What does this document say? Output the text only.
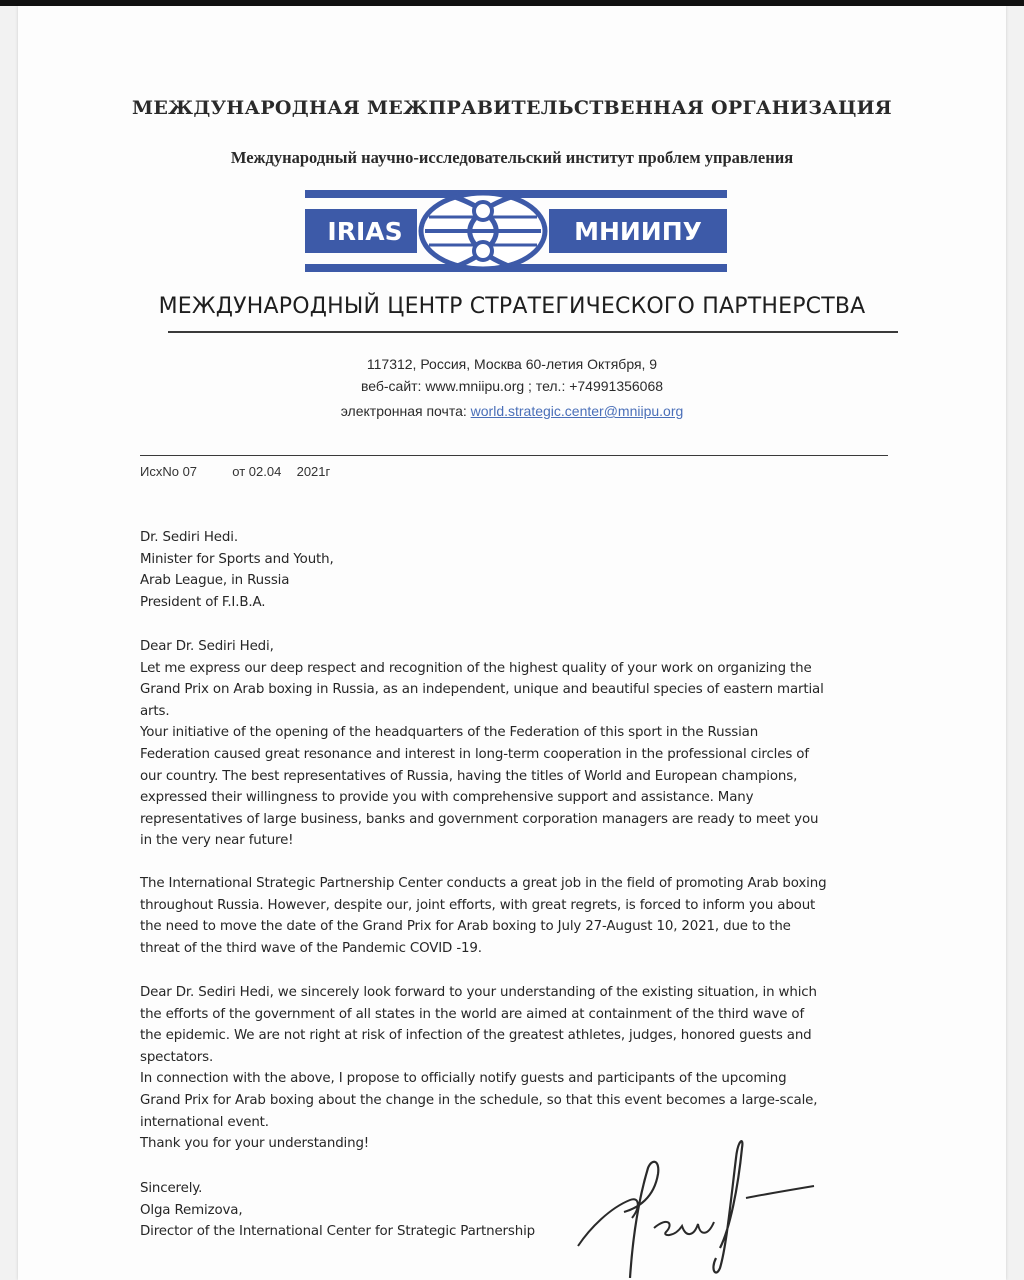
МЕЖДУНАРОДНАЯ МЕЖПРАВИТЕЛЬСТВЕННАЯ ОРГАНИЗАЦИЯ
Международный научно-исследовательский институт проблем управления
IRIAS	МНИИПУ
МЕЖДУНАРОДНЫЙ ЦЕНТР СТРАТЕГИЧЕСКОГО ПАРТНЕРСТВА
117312, Россия, Москва 60-летия Октября, 9
веб-сайт: www.mniipu.org ; тел.: +74991356068
электронная почта: world.strategic.center@mniipu.org
ИсхNo 07	от 02.04 2021г
Dr. Sediri Hedi.
Minister for Sports and Youth,
Arab League, in Russia
President of F.I.B.A.
Dear Dr. Sediri Hedi,
Let me express our deep respect and recognition of the highest quality of your work on organizing the
Grand Prix on Arab boxing in Russia, as an independent, unique and beautiful species of eastern martial
arts.
Your initiative of the opening of the headquarters of the Federation of this sport in the Russian
Federation caused great resonance and interest in long-term cooperation in the professional circles of
our country. The best representatives of Russia, having the titles of World and European champions,
expressed their willingness to provide you with comprehensive support and assistance. Many
representatives of large business, banks and government corporation managers are ready to meet you
in the very near future!
The International Strategic Partnership Center conducts a great job in the field of promoting Arab boxing
throughout Russia. However, despite our, joint efforts, with great regrets, is forced to inform you about
the need to move the date of the Grand Prix for Arab boxing to July 27-August 10, 2021, due to the
threat of the third wave of the Pandemic COVID -19.
Dear Dr. Sediri Hedi, we sincerely look forward to your understanding of the existing situation, in which
the efforts of the government of all states in the world are aimed at containment of the third wave of
the epidemic. We are not right at risk of infection of the greatest athletes, judges, honored guests and
spectators.
In connection with the above, I propose to officially notify guests and participants of the upcoming
Grand Prix for Arab boxing about the change in the schedule, so that this event becomes a large-scale,
international event.
Thank you for your understanding!
Sincerely.
Olga Remizova,
Director of the International Center for Strategic Partnership
